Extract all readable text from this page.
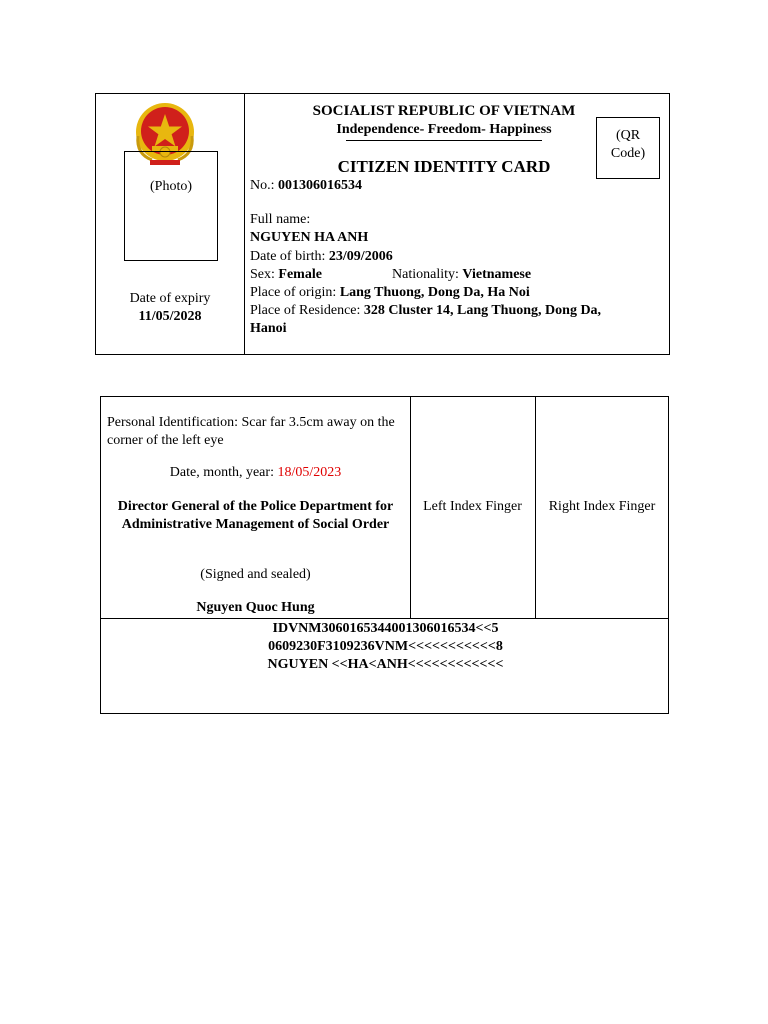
(Photo)
Date of expiry
11/05/2028
SOCIALIST REPUBLIC OF VIETNAM
Independence- Freedom- Happiness	(QR
Code)
CITIZEN IDENTITY CARD
No.: 001306016534
Full name:
NGUYEN HA ANH
Date of birth: 23/09/2006
Sex: Female	Nationality: Vietnamese
Place of origin: Lang Thuong, Dong Da, Ha Noi
Place of Residence: 328 Cluster 14, Lang Thuong, Dong Da,
Hanoi
Personal Identification: Scar far 3.5cm away on the corner of the left eye
Date, month, year: 18/05/2023
Director General of the Police Department for Administrative Management of Social Order
(Signed and sealed)
Nguyen Quoc Hung
Left Index Finger	Right Index Finger
IDVNM3060165344001306016534<<5
0609230F3109236VNM<<<<<<<<<<<8
NGUYEN <<HA<ANH<<<<<<<<<<<<
